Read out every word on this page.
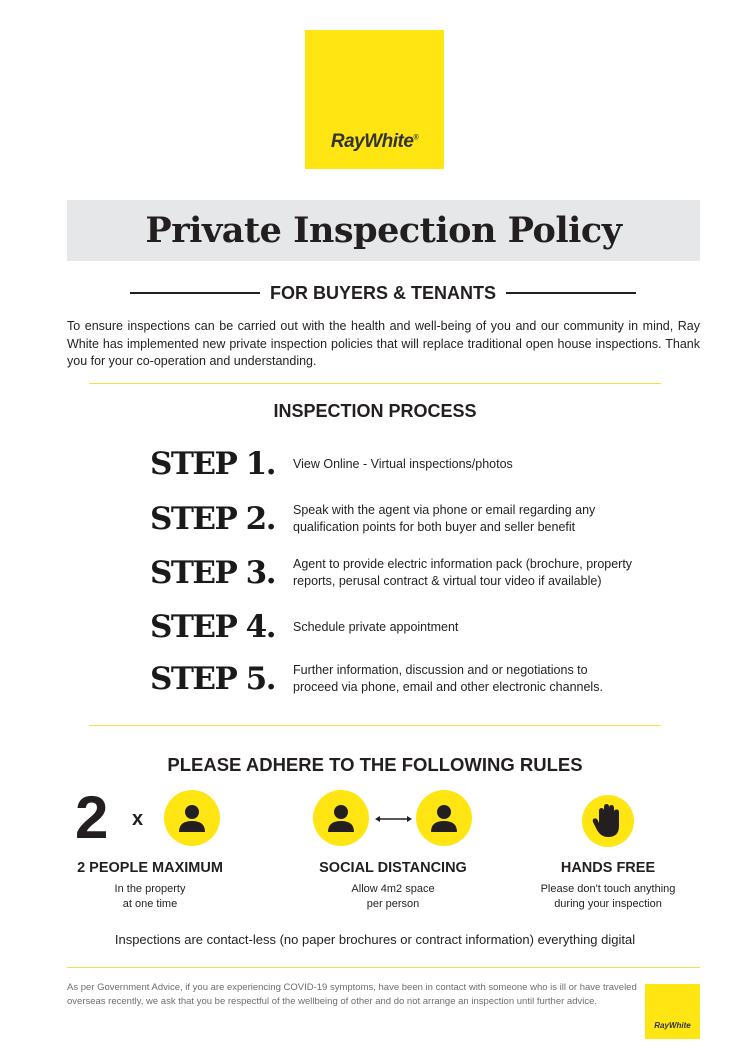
RayWhite®
Private Inspection Policy
FOR BUYERS & TENANTS

To ensure inspections can be carried out with the health and well-being of you and our community in mind, Ray White has implemented new private inspection policies that will replace traditional open house inspections. Thank you for your co-operation and understanding.

INSPECTION PROCESS
STEP 1. View Online - Virtual inspections/photos
STEP 2. Speak with the agent via phone or email regarding any
qualification points for both buyer and seller benefit
STEP 3. Agent to provide electric information pack (brochure, property
reports, perusal contract & virtual tour video if available)
STEP 4. Schedule private appointment
STEP 5. Further information, discussion and or negotiations to
proceed via phone, email and other electronic channels.
PLEASE ADHERE TO THE FOLLOWING RULES
2 x
2 PEOPLE MAXIMUM
In the property
at one time
SOCIAL DISTANCING
Allow 4m2 space
per person
HANDS FREE
Please don't touch anything
during your inspection
Inspections are contact-less (no paper brochures or contract information) everything digital

As per Government Advice, if you are experiencing COVID-19 symptoms, have been in contact with someone who is ill or have traveled overseas recently, we ask that you be respectful of the wellbeing of other and do not arrange an inspection until further advice.

RayWhite
